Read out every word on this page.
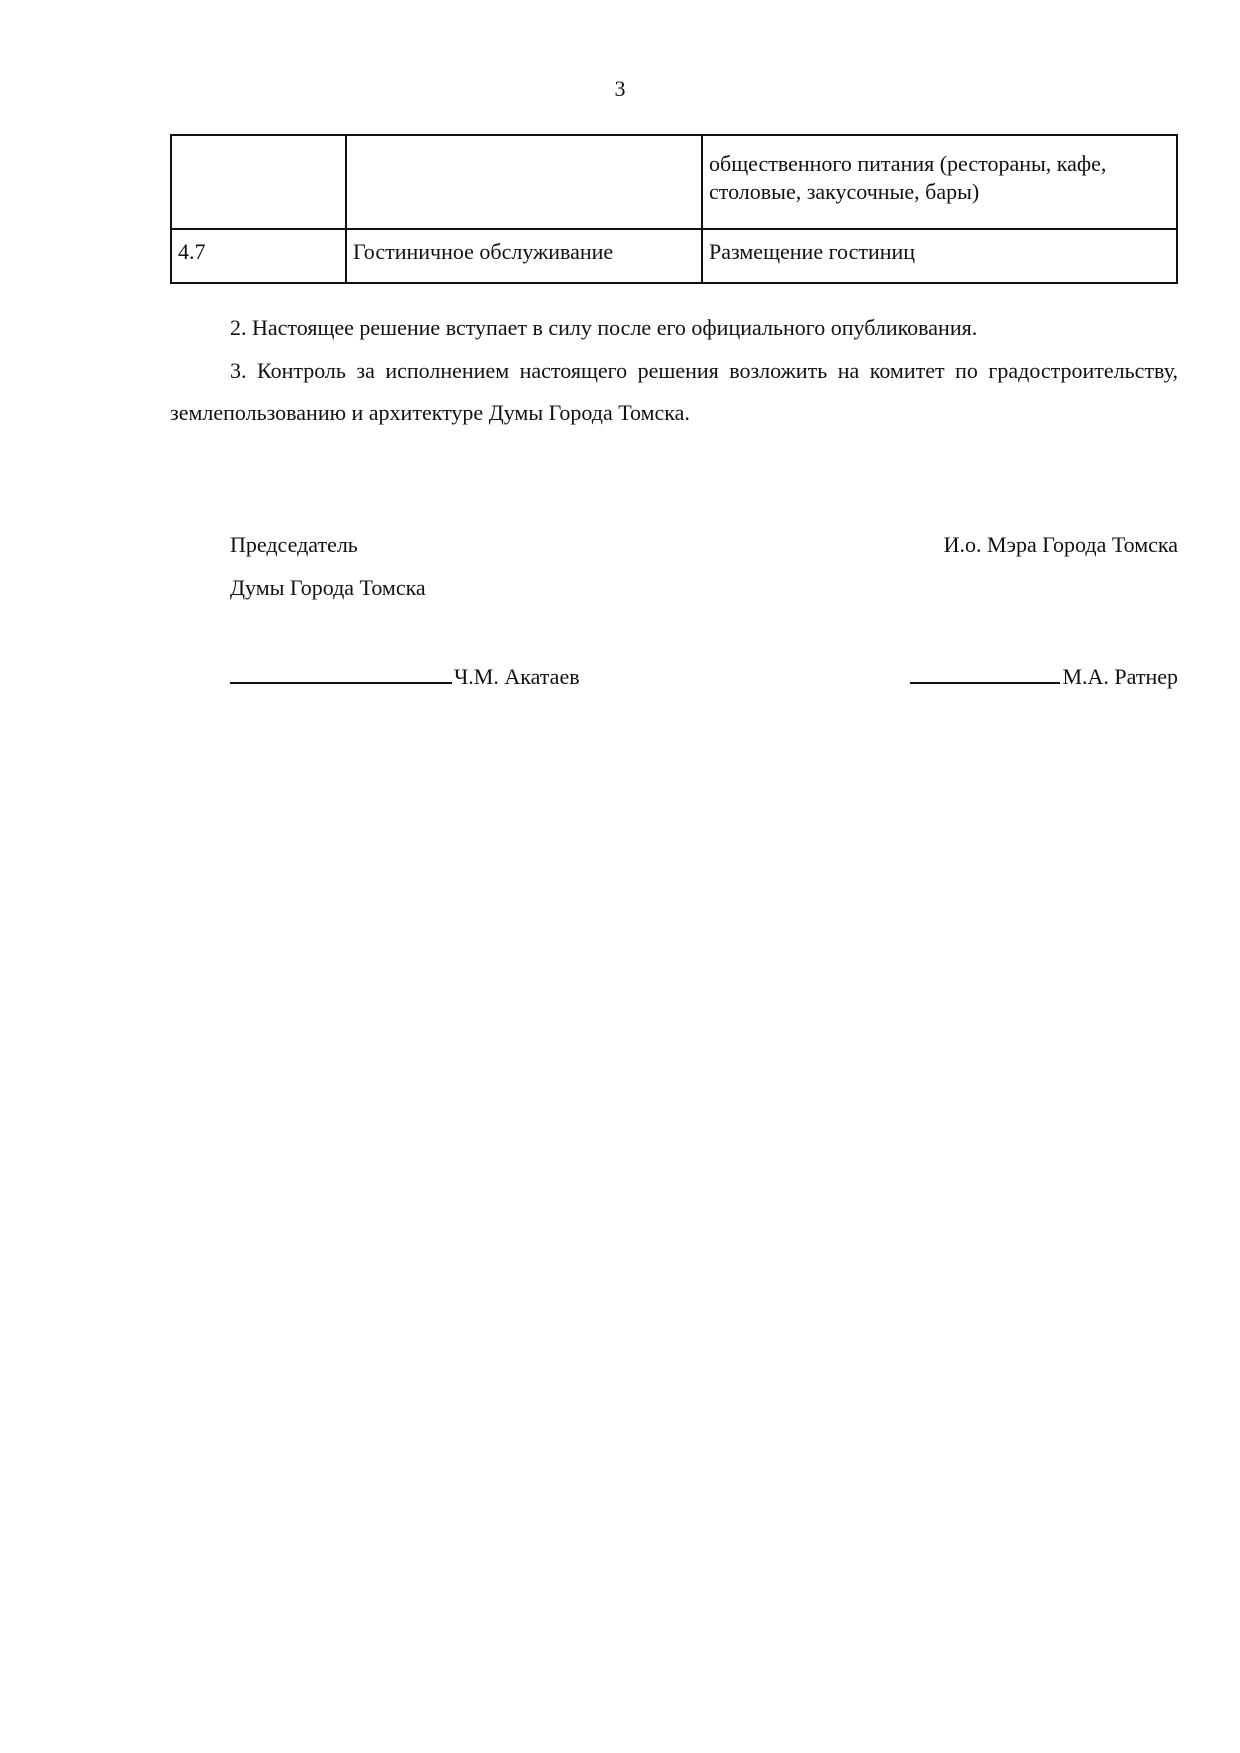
3
		общественного питания (рестораны, кафе, столовые, закусочные, бары)
4.7	Гостиничное обслуживание	Размещение гостиниц
2. Настоящее решение вступает в силу после его официального опубликования.
3. Контроль за исполнением настоящего решения возложить на комитет по градостроительству, землепользованию и архитектуре Думы Города Томска.
Председатель
Думы Города Томска
И.о. Мэра Города Томска
Ч.М. Акатаев	М.А. Ратнер
